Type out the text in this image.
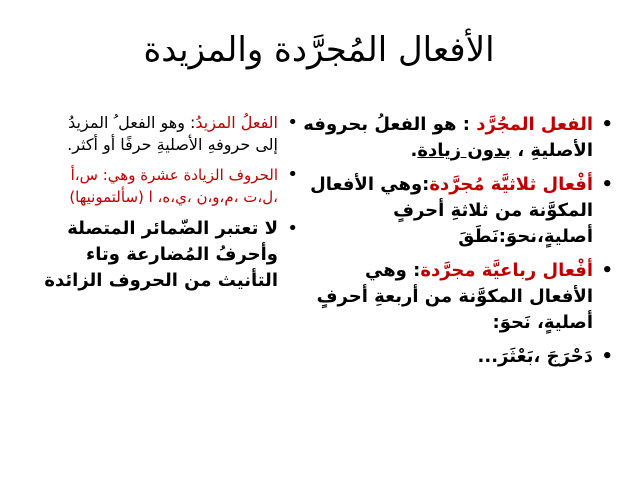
الأفعال المُجرَّدة والمزيدة
•
الفعل المجُرَّد : هو الفعلُ بحروفه
الأصليةِ ، بدون زيادة.
•
أفْعال ثلاثيَّة مُجرَّدة:وهي الأفعال
المكوَّنة من ثلاثةِ أحرفٍ
أصليةٍ،نحوَ:نَطَقَ
•
أفْعال رباعيَّة مجرَّدة: وهي
الأفعال المكوَّنة من أربعةِ أحرفٍ
أصليةٍ، نَحوَ:
•
دَحْرَجَ ،بَعْثَرَ...
•
الفعلُ المزيدُ: وهو الفعل ُ المزيدُ
إلى حروفهِ الأصليةِ حرفًا أو أكثر.
•
الحروف الزيادة عشرة وهي: س،أ
،ل،ت ،م،و،ن ،ي،ه، ا (سألتمونيها)
•
لا تعتبر الضّمائر المتصلة
وأحرفُ المُضارعة وتاء
التأنيث من الحروف الزائدة
